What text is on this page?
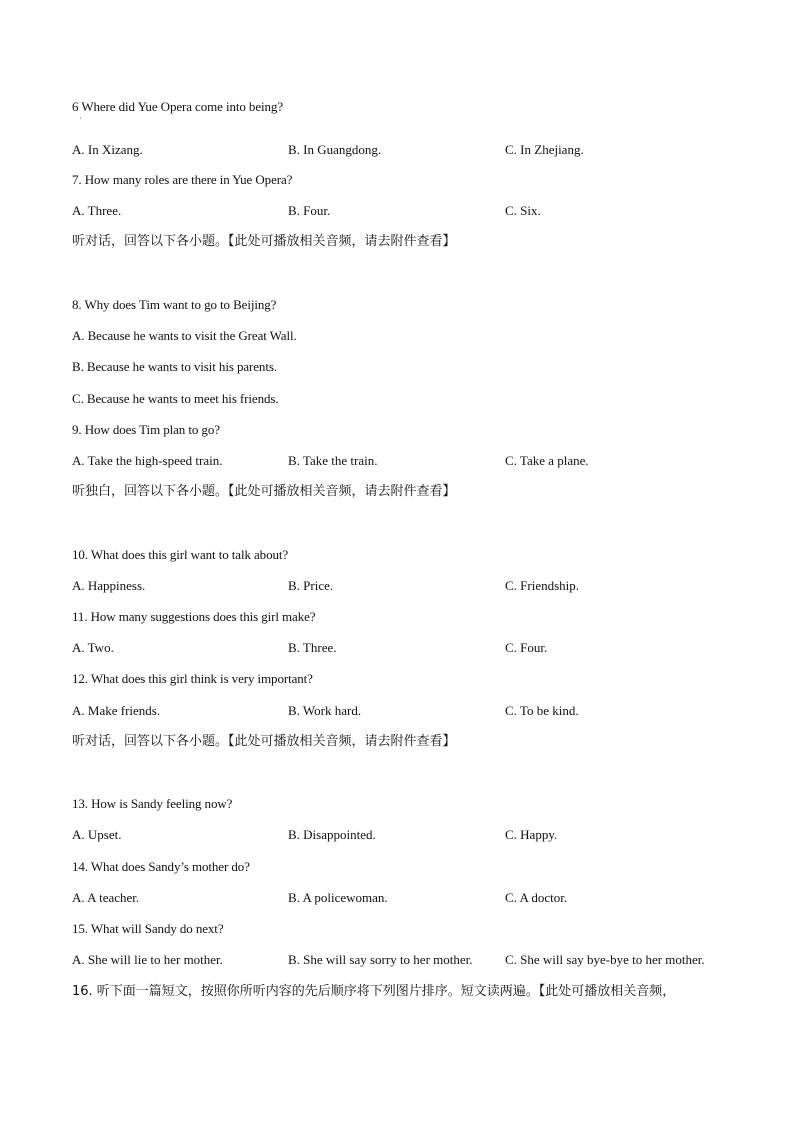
6 Where did Yue Opera come into being?
·
A. In Xizang.	B. In Guangdong.	C. In Zhejiang.
7. How many roles are there in Yue Opera?
A. Three.	B. Four.	C. Six.
听对话，回答以下各小题。【此处可播放相关音频，请去附件查看】
8. Why does Tim want to go to Beijing?
A. Because he wants to visit the Great Wall.
B. Because he wants to visit his parents.
C. Because he wants to meet his friends.
9. How does Tim plan to go?
A. Take the high-speed train.	B. Take the train.	C. Take a plane.
听独白，回答以下各小题。【此处可播放相关音频，请去附件查看】
10. What does this girl want to talk about?
A. Happiness.	B. Price.	C. Friendship.
11. How many suggestions does this girl make?
A. Two.	B. Three.	C. Four.
12. What does this girl think is very important?
A. Make friends.	B. Work hard.	C. To be kind.
听对话，回答以下各小题。【此处可播放相关音频，请去附件查看】
13. How is Sandy feeling now?
A. Upset.	B. Disappointed.	C. Happy.
14. What does Sandy’s mother do?
A. A teacher.	B. A policewoman.	C. A doctor.
15. What will Sandy do next?
A. She will lie to her mother.	B. She will say sorry to her mother. C. She will say bye-bye to her mother.
16. 听下面一篇短文，按照你所听内容的先后顺序将下列图片排序。短文读两遍。【此处可播放相关音频，
